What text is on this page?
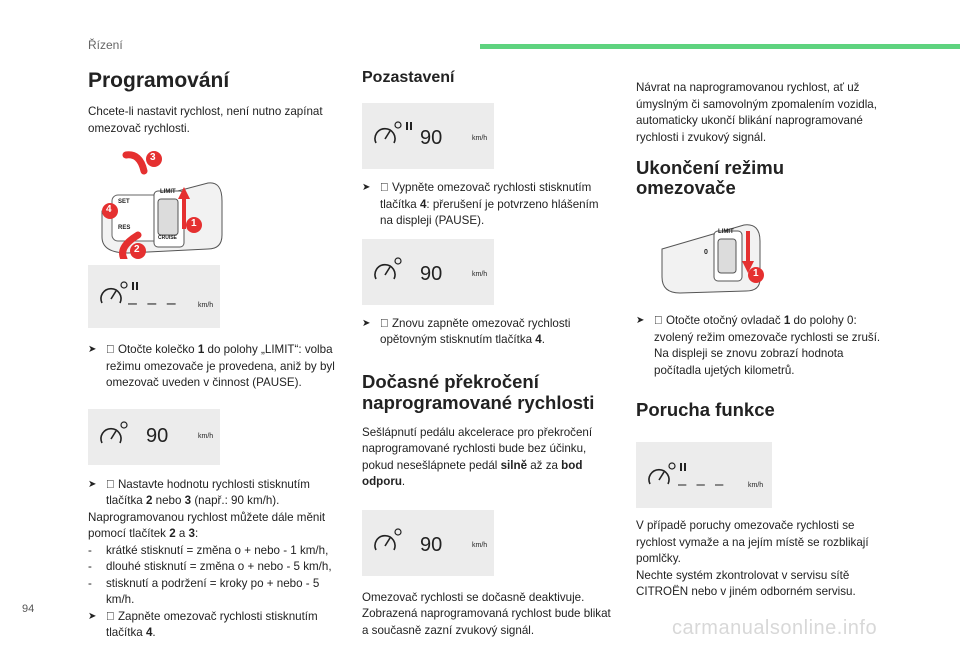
Řízení
Programování

Chcete-li nastavit rychlost, není nutno zapínat omezovač rychlosti.

LIMIT
SET
RES
CRUISE
3
4
1
2
– – –	km/h

➤ Otočte kolečko 1 do polohy „LIMIT“: volba režimu omezovače je provedena, aniž by byl omezovač uveden v činnost (PAUSE).

90	km/h

➤ Nastavte hodnotu rychlosti stisknutím tlačítka 2 nebo 3 (např.: 90 km/h).

Naprogramovanou rychlost můžete dále měnit pomocí tlačítek 2 a 3:

- krátké stisknutí = změna o + nebo - 1 km/h,

- dlouhé stisknutí = změna o + nebo - 5 km/h,

- stisknutí a podržení = kroky po + nebo - 5 km/h.

➤ Zapněte omezovač rychlosti stisknutím tlačítka 4.

Pozastavení
90	km/h

➤ Vypněte omezovač rychlosti stisknutím tlačítka 4: přerušení je potvrzeno hlášením na displeji (PAUSE).

90	km/h

➤ Znovu zapněte omezovač rychlosti opětovným stisknutím tlačítka 4.

Dočasné překročení
naprogramované rychlosti

Sešlápnutí pedálu akcelerace pro překročení naprogramované rychlosti bude bez účinku, pokud nesešlápnete pedál silně až za bod odporu.

90	km/h

Omezovač rychlosti se dočasně deaktivuje. Zobrazená naprogramovaná rychlost bude blikat a současně zazní zvukový signál.

Návrat na naprogramovanou rychlost, ať už úmyslným či samovolným zpomalením vozidla, automaticky ukončí blikání naprogramované rychlosti i zvukový signál.

Ukončení režimu
omezovače
LIMIT
0
1

➤ Otočte otočný ovladač 1 do polohy 0: zvolený režim omezovače rychlosti se zruší. Na displeji se znovu zobrazí hodnota počítadla ujetých kilometrů.

Porucha funkce
– – –	km/h

V případě poruchy omezovače rychlosti se rychlost vymaže a na jejím místě se rozblikají pomlčky.

Nechte systém zkontrolovat v servisu sítě CITROËN nebo v jiném odborném servisu.

94
carmanualsonline.info
